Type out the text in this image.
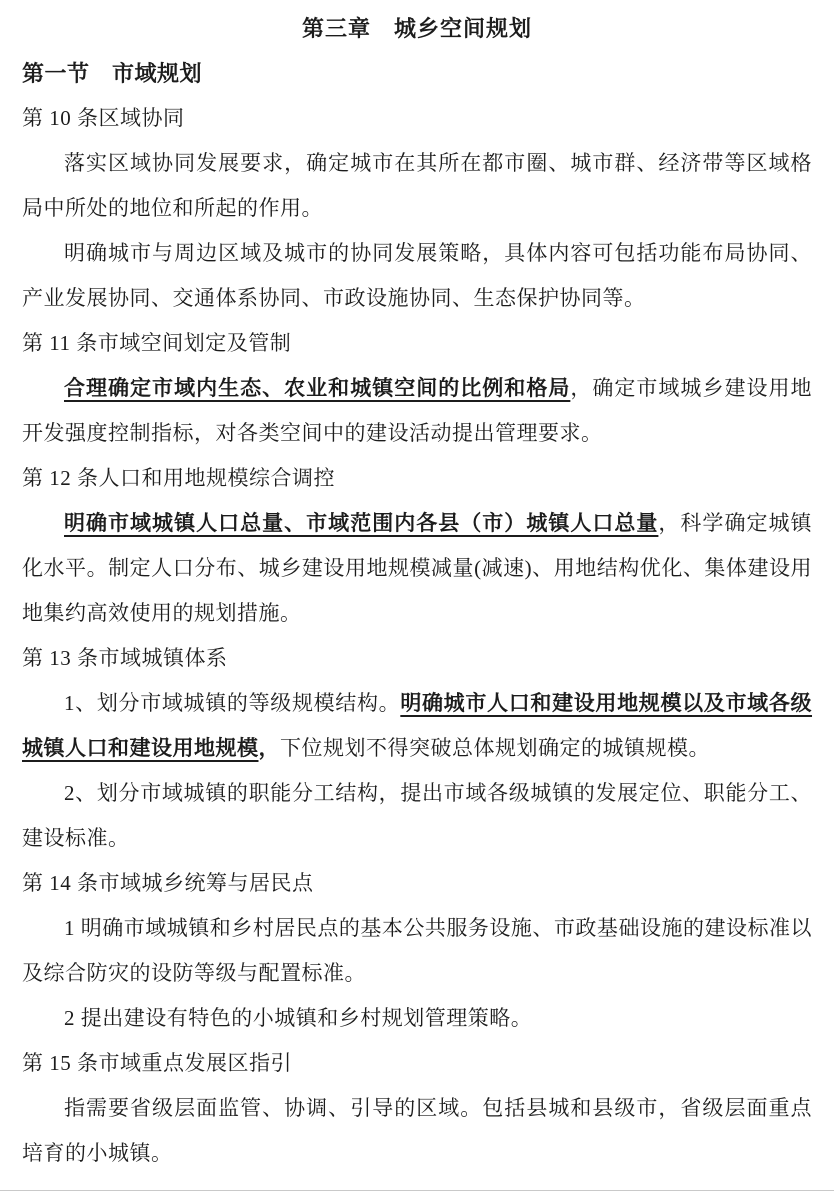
第三章　城乡空间规划

第一节　市域规划

第 10 条区域协同

落实区域协同发展要求，确定城市在其所在都市圈、城市群、经济带等区域格局中所处的地位和所起的作用。

明确城市与周边区域及城市的协同发展策略，具体内容可包括功能布局协同、产业发展协同、交通体系协同、市政设施协同、生态保护协同等。

第 11 条市域空间划定及管制

合理确定市域内生态、农业和城镇空间的比例和格局，确定市域城乡建设用地开发强度控制指标，对各类空间中的建设活动提出管理要求。

第 12 条人口和用地规模综合调控

明确市域城镇人口总量、市域范围内各县（市）城镇人口总量，科学确定城镇化水平。制定人口分布、城乡建设用地规模减量(减速)、用地结构优化、集体建设用地集约高效使用的规划措施。

第 13 条市域城镇体系

1、划分市域城镇的等级规模结构。明确城市人口和建设用地规模以及市域各级城镇人口和建设用地规模，下位规划不得突破总体规划确定的城镇规模。

2、划分市域城镇的职能分工结构，提出市域各级城镇的发展定位、职能分工、建设标准。

第 14 条市域城乡统筹与居民点

1 明确市域城镇和乡村居民点的基本公共服务设施、市政基础设施的建设标准以及综合防灾的设防等级与配置标准。

2 提出建设有特色的小城镇和乡村规划管理策略。

第 15 条市域重点发展区指引

指需要省级层面监管、协调、引导的区域。包括县城和县级市，省级层面重点培育的小城镇。
